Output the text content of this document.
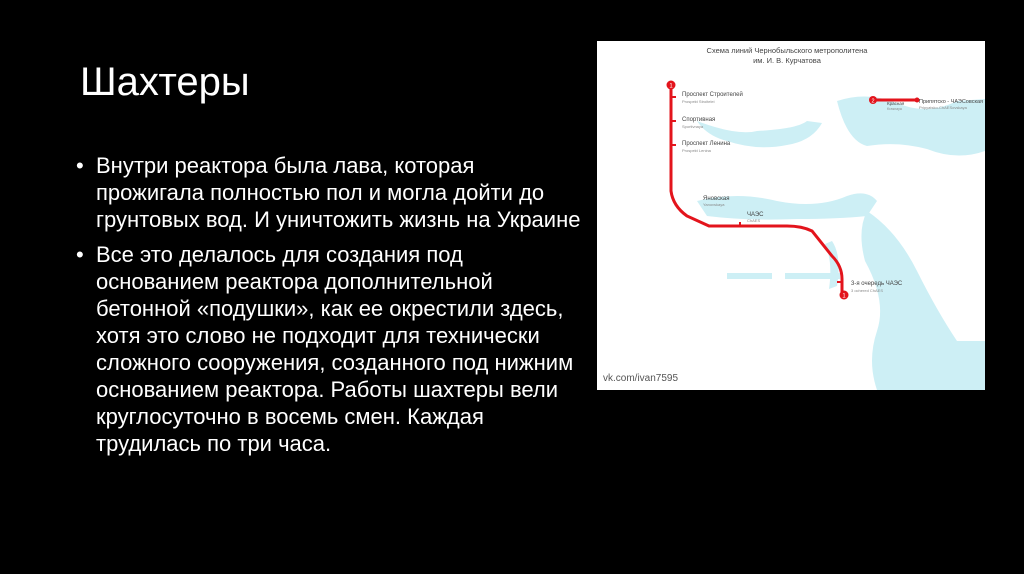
Шахтеры
• Внутри реактора была лава, которая прожигала полностью пол и могла дойти до грунтовых вод. И уничтожить жизнь на Украине
• Все это делалось для создания под основанием реактора дополнительной бетонной «подушки», как ее окрестили здесь, хотя это слово не подходит для технически сложного сооружения, созданного под нижним основанием реактора. Работы шахтеры вели круглосуточно в восемь смен. Каждая трудилась по три часа.
Схема линий Чернобыльского метрополитена
им. И. В. Курчатова
1
1
2
Проспект Строителей
Prospekt Stroitelei
Спортивная
Sportivnaya
Проспект Ленина
Prospekt Lenina
Яновская
Yanovskaya
ЧАЭС
ChAES
3-я очередь ЧАЭС
3 ochered ChAES
Припятско - ЧАЭСовская
Pripyatsko-ChAESovskaya
Красная
Krasnaya
vk.com/ivan7595
